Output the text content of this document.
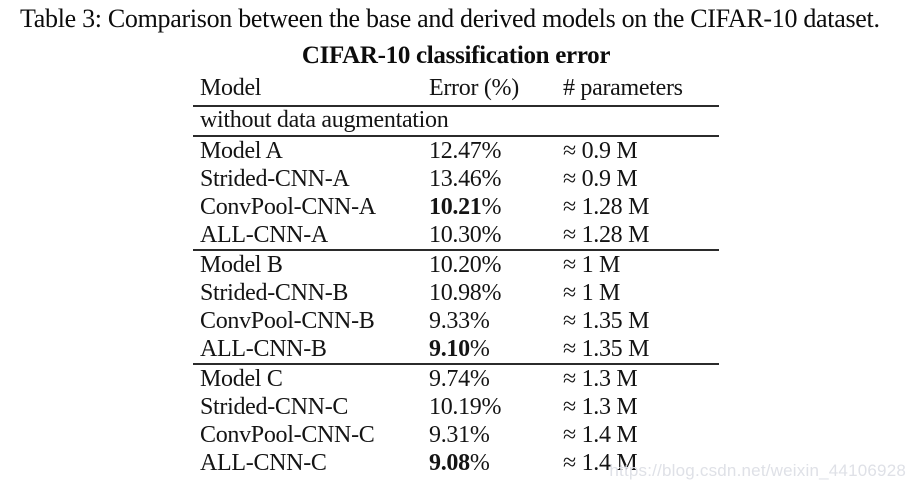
Table 3: Comparison between the base and derived models on the CIFAR-10 dataset.
CIFAR-10 classification error
Model	Error (%)	# parameters
without data augmentation		
Model A	12.47%	≈ 0.9 M
Strided-CNN-A	13.46%	≈ 0.9 M
ConvPool-CNN-A	10.21%	≈ 1.28 M
ALL-CNN-A	10.30%	≈ 1.28 M
Model B	10.20%	≈ 1 M
Strided-CNN-B	10.98%	≈ 1 M
ConvPool-CNN-B	9.33%	≈ 1.35 M
ALL-CNN-B	9.10%	≈ 1.35 M
Model C	9.74%	≈ 1.3 M
Strided-CNN-C	10.19%	≈ 1.3 M
ConvPool-CNN-C	9.31%	≈ 1.4 M
ALL-CNN-C	9.08%	≈ 1.4 M
https://blog.csdn.net/weixin_44106928
